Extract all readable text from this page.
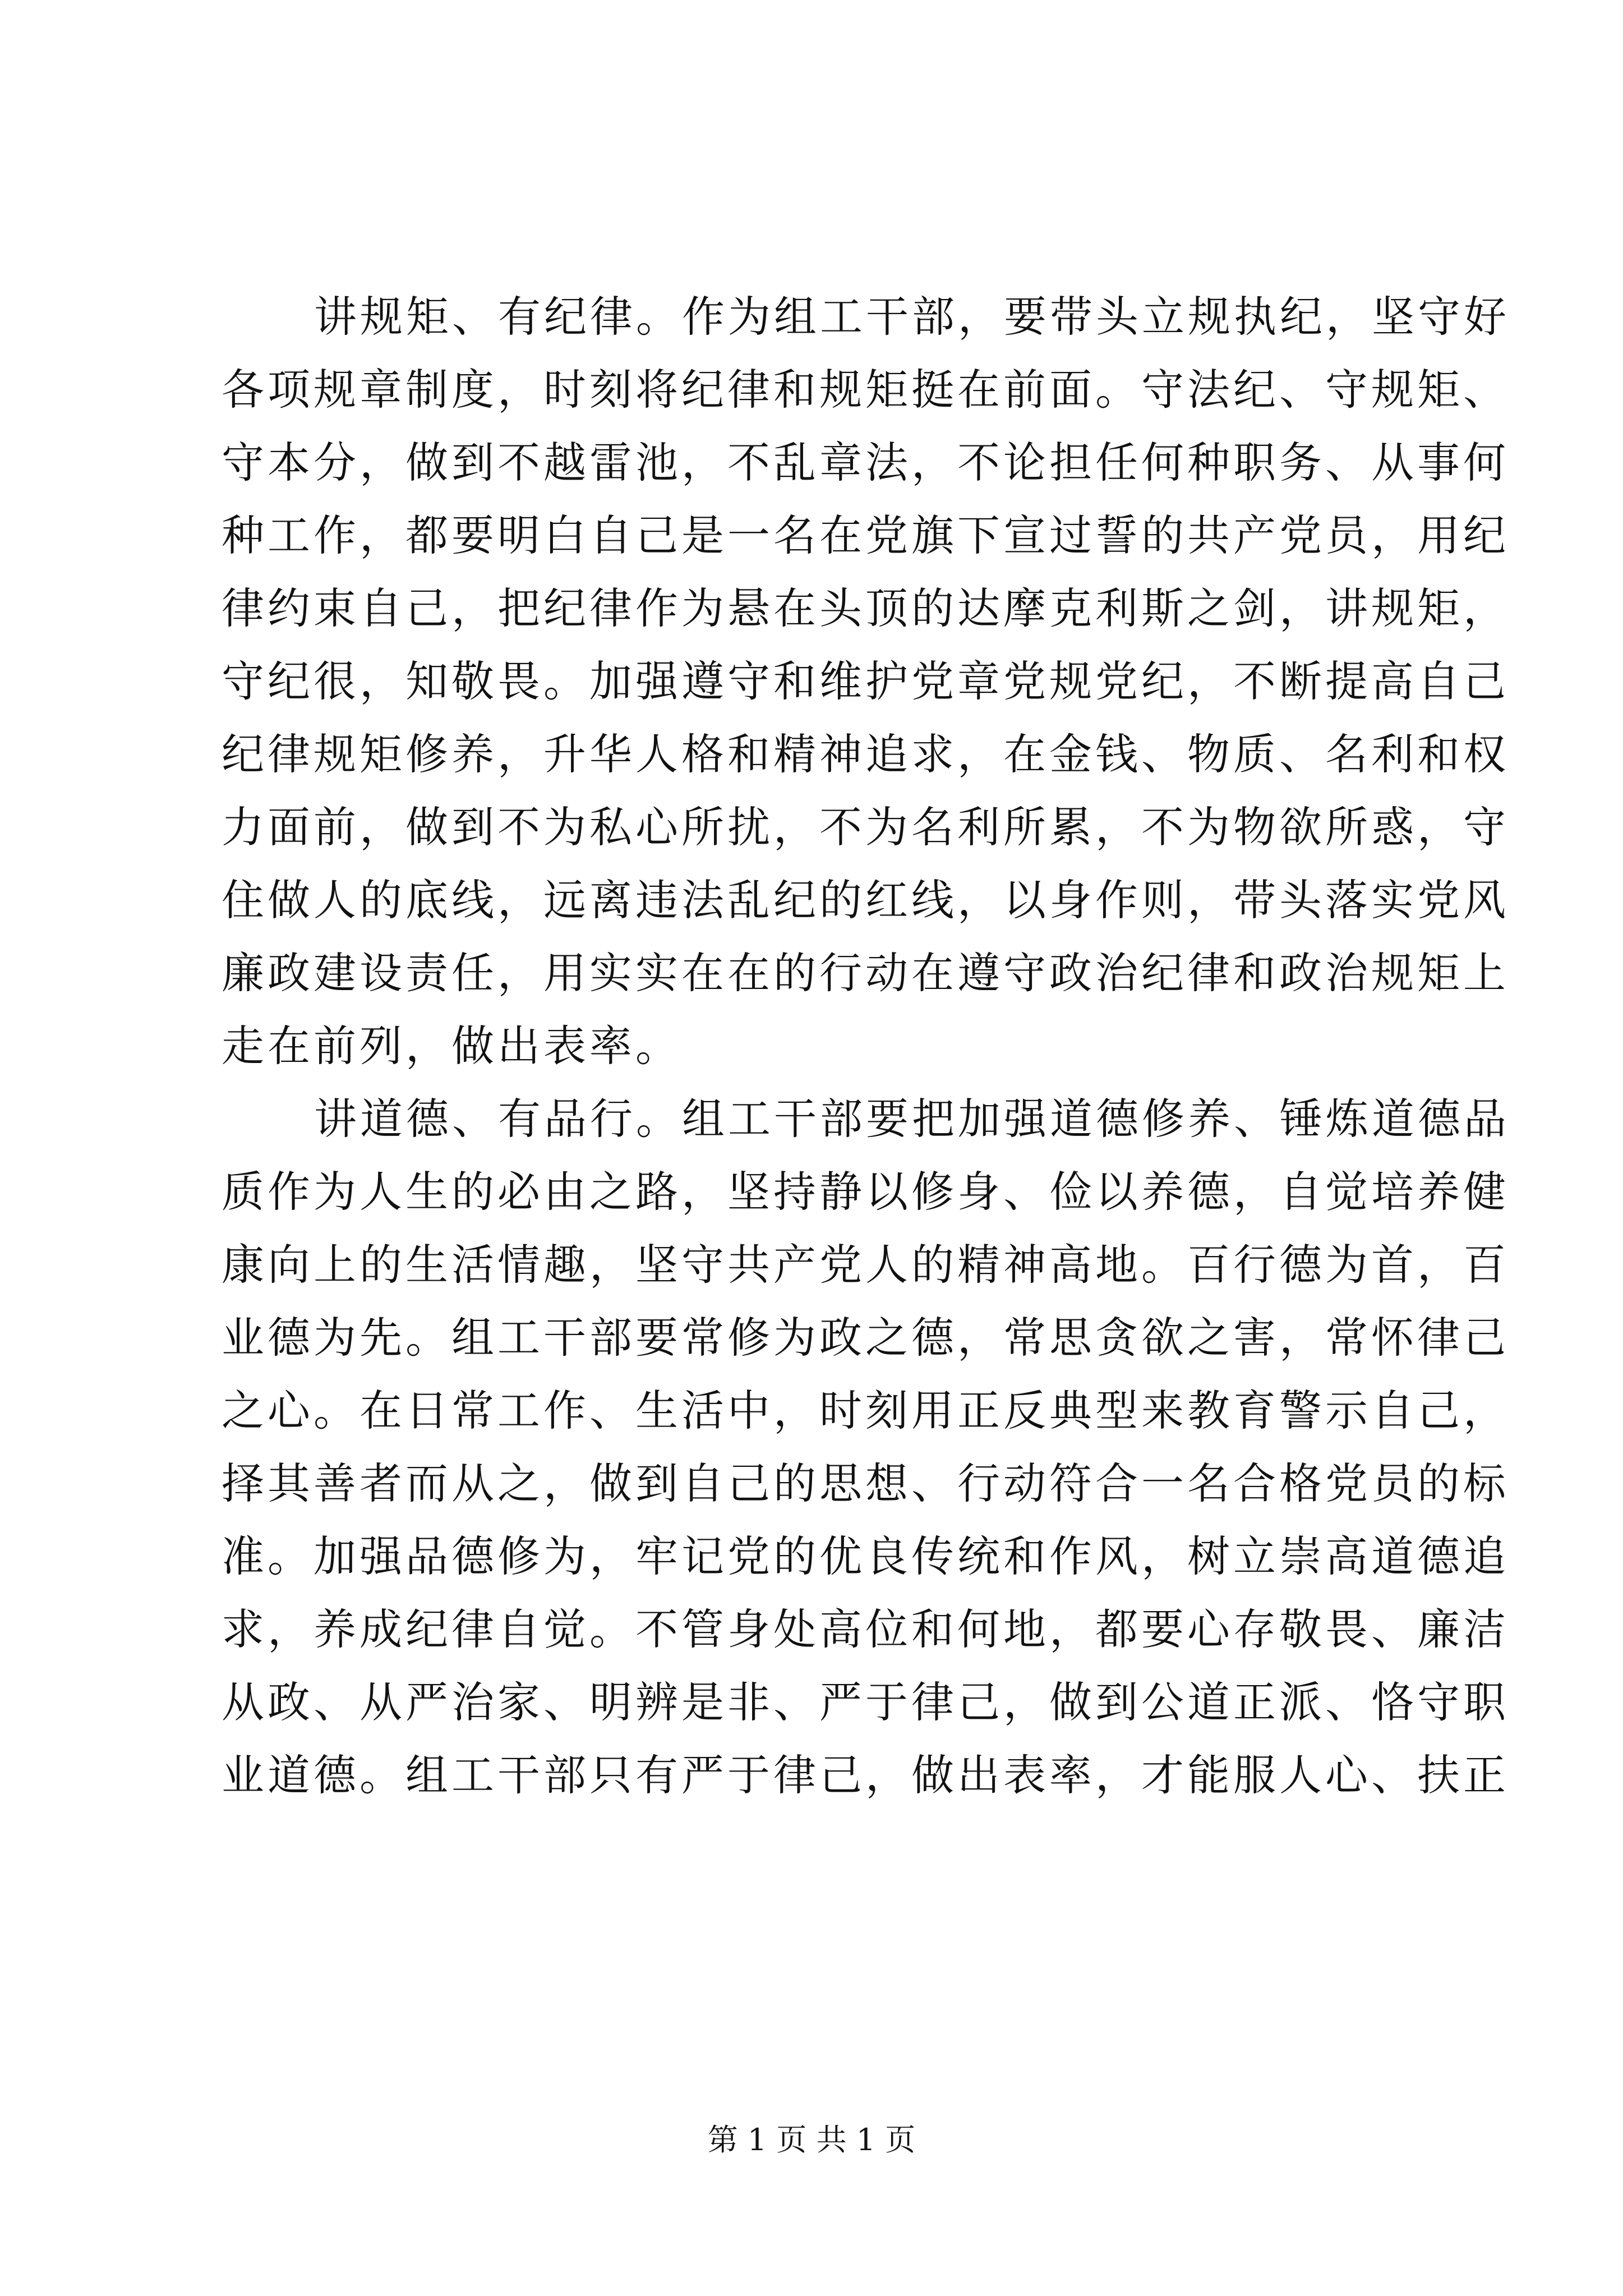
讲规矩、有纪律。作为组工干部，要带头立规执纪，坚守好
各项规章制度，时刻将纪律和规矩挺在前面。守法纪、守规矩、
守本分，做到不越雷池，不乱章法，不论担任何种职务、从事何
种工作，都要明白自己是一名在党旗下宣过誓的共产党员，用纪
律约束自己，把纪律作为悬在头顶的达摩克利斯之剑，讲规矩，
守纪很，知敬畏。加强遵守和维护党章党规党纪，不断提高自己
纪律规矩修养，升华人格和精神追求，在金钱、物质、名利和权
力面前，做到不为私心所扰，不为名利所累，不为物欲所惑，守
住做人的底线，远离违法乱纪的红线，以身作则，带头落实党风
廉政建设责任，用实实在在的行动在遵守政治纪律和政治规矩上
走在前列，做出表率。
讲道德、有品行。组工干部要把加强道德修养、锤炼道德品
质作为人生的必由之路，坚持静以修身、俭以养德，自觉培养健
康向上的生活情趣，坚守共产党人的精神高地。百行德为首，百
业德为先。组工干部要常修为政之德，常思贪欲之害，常怀律己
之心。在日常工作、生活中，时刻用正反典型来教育警示自己，
择其善者而从之，做到自己的思想、行动符合一名合格党员的标
准。加强品德修为，牢记党的优良传统和作风，树立崇高道德追
求，养成纪律自觉。不管身处高位和何地，都要心存敬畏、廉洁
从政、从严治家、明辨是非、严于律己，做到公道正派、恪守职
业道德。组工干部只有严于律己，做出表率，才能服人心、扶正
第 1 页 共 1 页
